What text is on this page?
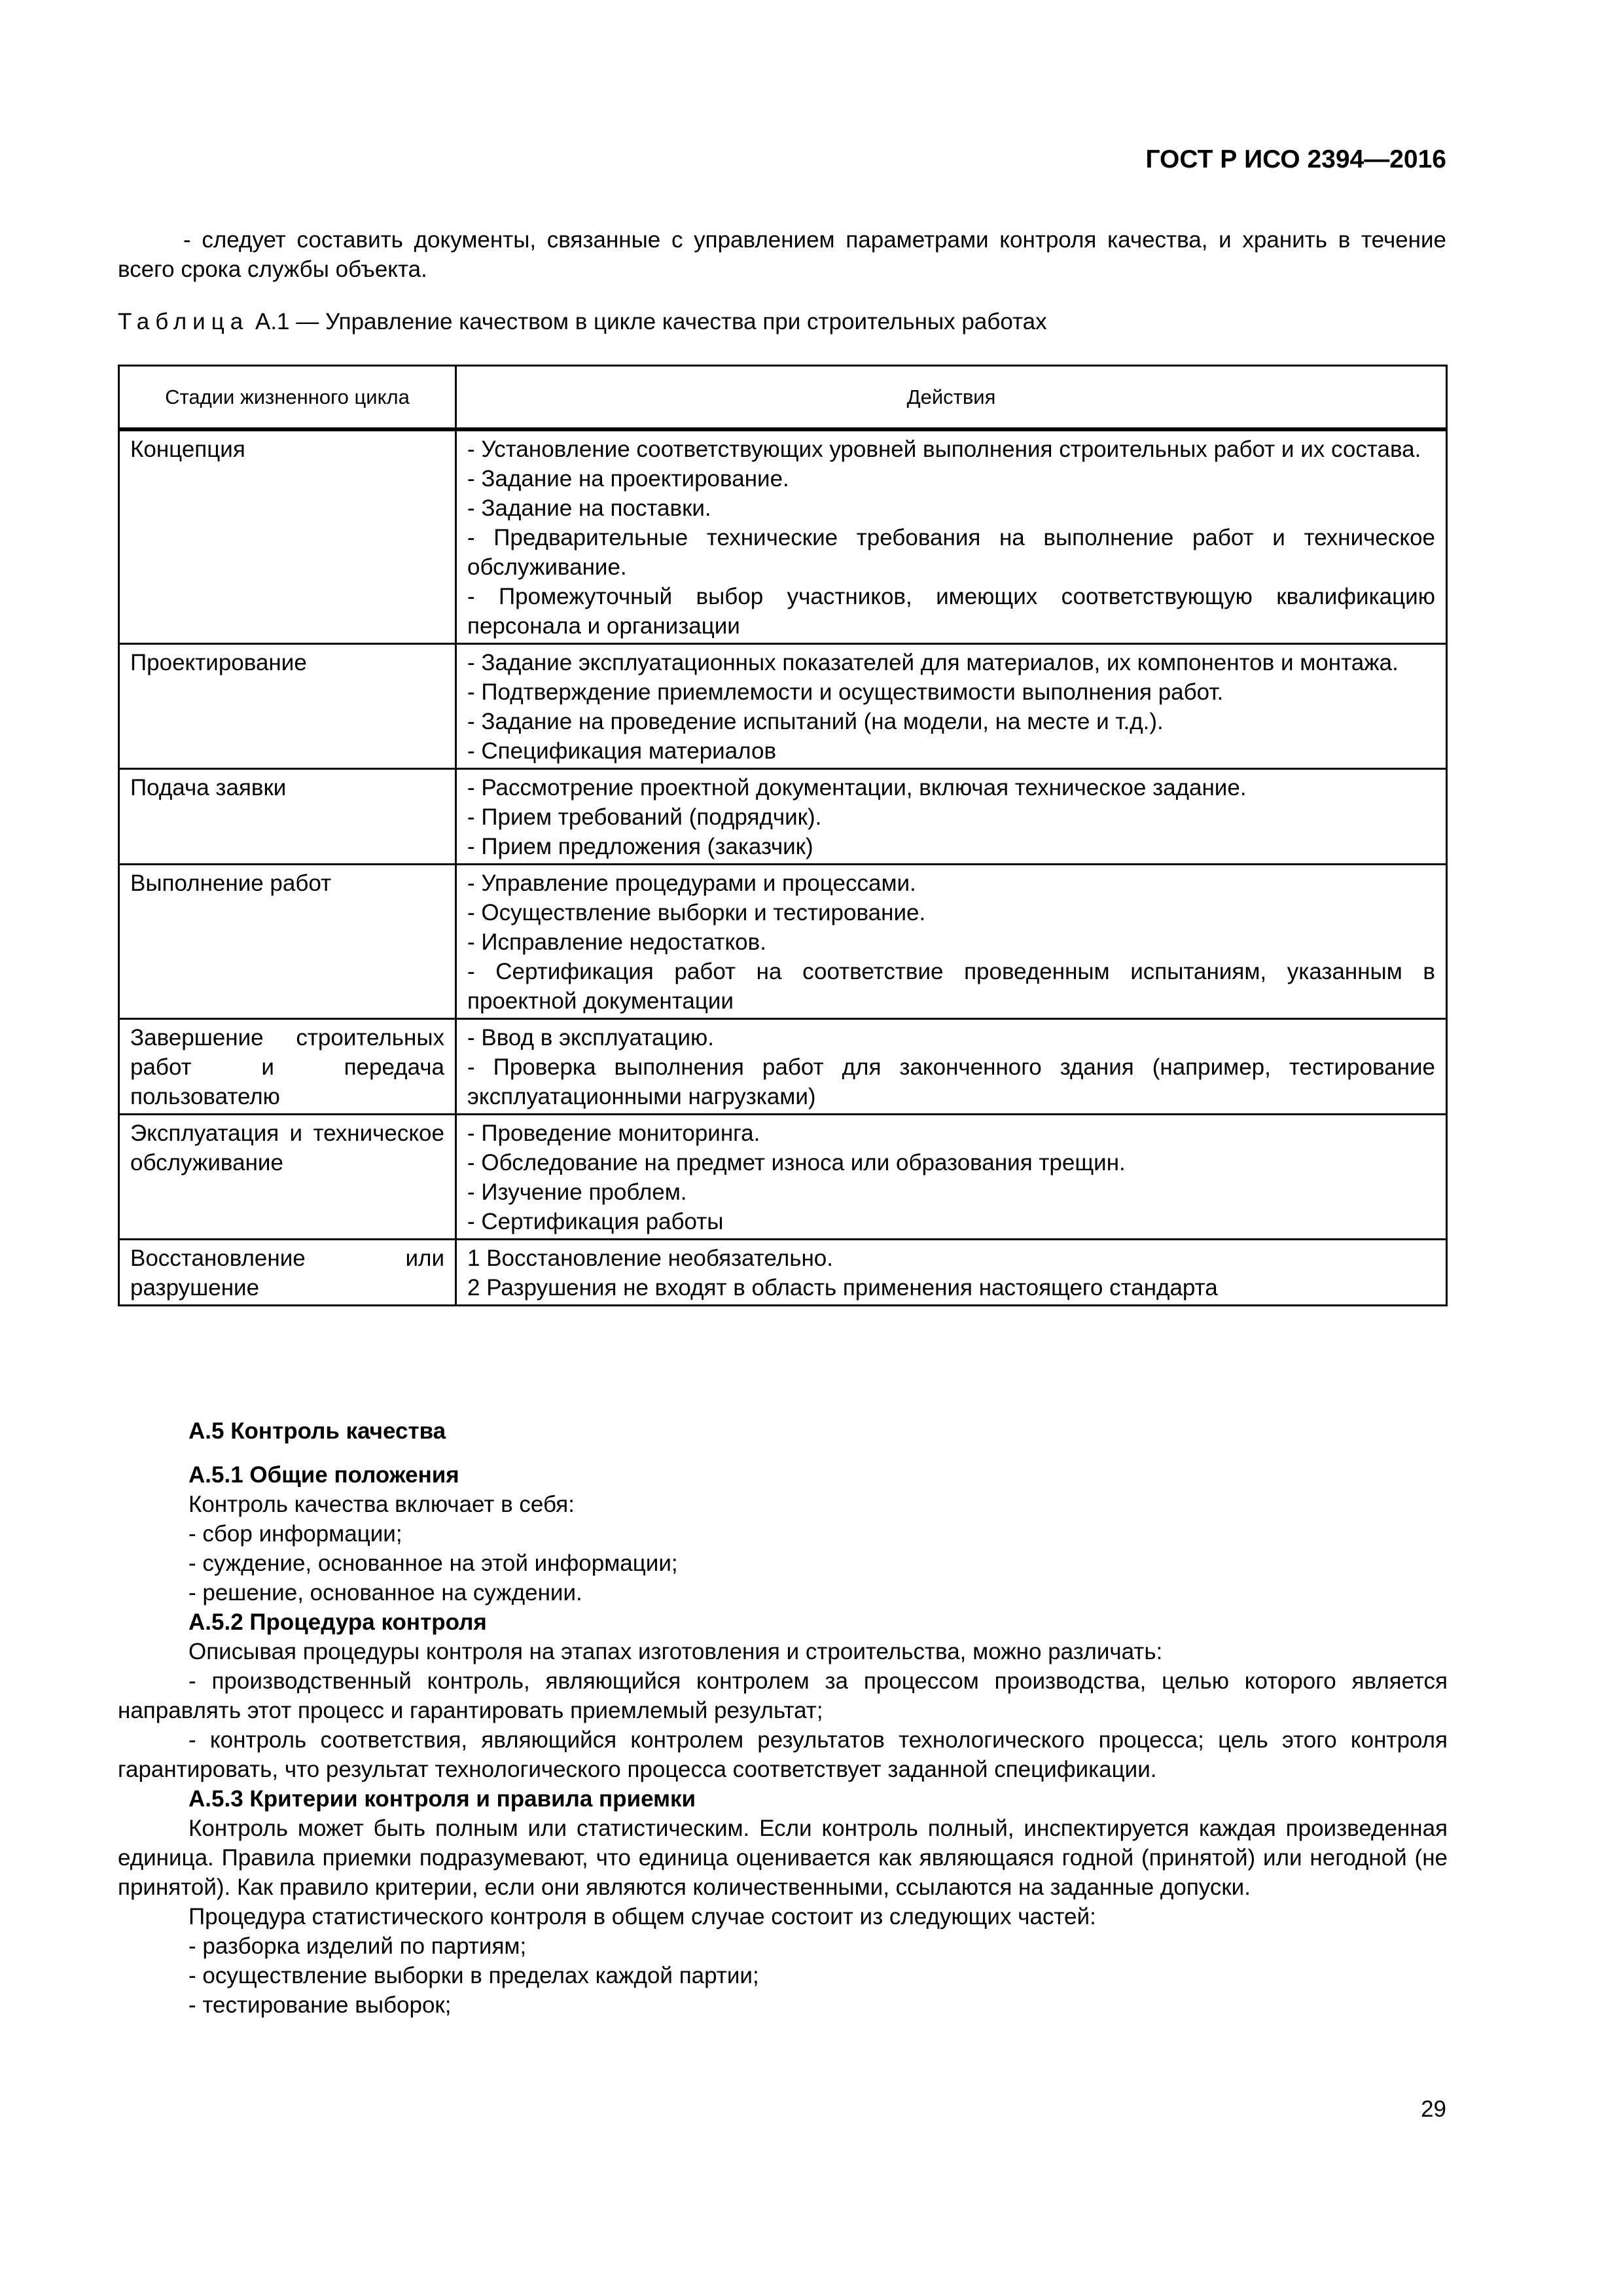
ГОСТ Р ИСО 2394—2016

- следует составить документы, связанные с управлением параметрами контроля качества, и хранить в течение всего срока службы объекта.

Таблица А.1 — Управление качеством в цикле качества при строительных работах

Стадии жизненного цикла	Действия
Концепция	- Установление соответствующих уровней выполнения строительных работ и их состава.
- Задание на проектирование.
- Задание на поставки.
- Предварительные технические требования на выполнение работ и техническое обслуживание.
- Промежуточный выбор участников, имеющих соответствующую квалификацию персонала и организации

Проектирование	- Задание эксплуатационных показателей для материалов, их компонентов и монтажа.
- Подтверждение приемлемости и осуществимости выполнения работ.
- Задание на проведение испытаний (на модели, на месте и т.д.).
- Спецификация материалов

Подача заявки	- Рассмотрение проектной документации, включая техническое задание.
- Прием требований (подрядчик).
- Прием предложения (заказчик)

Выполнение работ	- Управление процедурами и процессами.
- Осуществление выборки и тестирование.
- Исправление недостатков.
- Сертификация работ на соответствие проведенным испытаниям, указанным в проектной документации

Завершение строительных работ и передача пользователю	- Ввод в эксплуатацию.
- Проверка выполнения работ для законченного здания (например, тестирование эксплуатационными нагрузками)

Эксплуатация и техническое обслуживание	- Проведение мониторинга.
- Обследование на предмет износа или образования трещин.
- Изучение проблем.
- Сертификация работы

Восстановление или разрушение	1 Восстановление необязательно.
2 Разрушения не входят в область применения настоящего стандарта

А.5 Контроль качества

А.5.1 Общие положения

Контроль качества включает в себя:

- сбор информации;

- суждение, основанное на этой информации;

- решение, основанное на суждении.

А.5.2 Процедура контроля

Описывая процедуры контроля на этапах изготовления и строительства, можно различать:

- производственный контроль, являющийся контролем за процессом производства, целью которого является направлять этот процесс и гарантировать приемлемый результат;

- контроль соответствия, являющийся контролем результатов технологического процесса; цель этого контроля гарантировать, что результат технологического процесса соответствует заданной спецификации.

А.5.3 Критерии контроля и правила приемки

Контроль может быть полным или статистическим. Если контроль полный, инспектируется каждая произведенная единица. Правила приемки подразумевают, что единица оценивается как являющаяся годной (принятой) или негодной (не принятой). Как правило критерии, если они являются количественными, ссылаются на заданные допуски.

Процедура статистического контроля в общем случае состоит из следующих частей:

- разборка изделий по партиям;

- осуществление выборки в пределах каждой партии;

- тестирование выборок;

29
